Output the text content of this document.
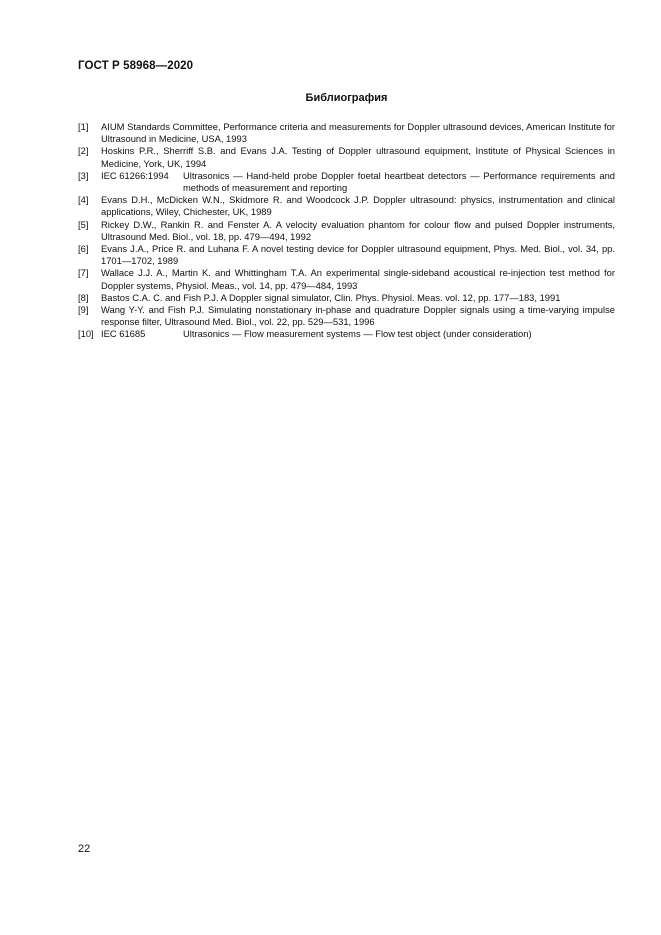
ГОСТ Р 58968—2020
Библиография
[1]	AIUM Standards Committee, Performance criteria and measurements for Doppler ultrasound devices, American Institute for Ultrasound in Medicine, USA, 1993
[2]	Hoskins P.R., Sherriff S.B. and Evans J.A. Testing of Doppler ultrasound equipment, Institute of Physical Sciences in Medicine, York, UK, 1994
[3]	IEC 61266:1994	Ultrasonics — Hand-held probe Doppler foetal heartbeat detectors — Performance requirements and methods of measurement and reporting
[4]	Evans D.H., McDicken W.N., Skidmore R. and Woodcock J.P. Doppler ultrasound: physics, instrumentation and clinical applications, Wiley, Chichester, UK, 1989
[5]	Rickey D.W., Rankin R. and Fenster A. A velocity evaluation phantom for colour flow and pulsed Doppler instruments, Ultrasound Med. Biol., vol. 18, pp. 479—494, 1992
[6]	Evans J.A., Price R. and Luhana F. A novel testing device for Doppler ultrasound equipment, Phys. Med. Biol., vol. 34, pp. 1701—1702, 1989
[7]	Wallace J.J. A., Martin K. and Whittingham T.A. An experimental single-sideband acoustical re-injection test method for Doppler systems, Physiol. Meas., vol. 14, pp. 479—484, 1993
[8]	Bastos C.A. C. and Fish P.J. A Doppler signal simulator, Clin. Phys. Physiol. Meas. vol. 12, pp. 177—183, 1991
[9]	Wang Y-Y. and Fish P.J. Simulating nonstationary in-phase and quadrature Doppler signals using a time-varying impulse response filter, Ultrasound Med. Biol., vol. 22, pp. 529—531, 1996
[10] IEC 61685	Ultrasonics — Flow measurement systems — Flow test object (under consideration)
22
